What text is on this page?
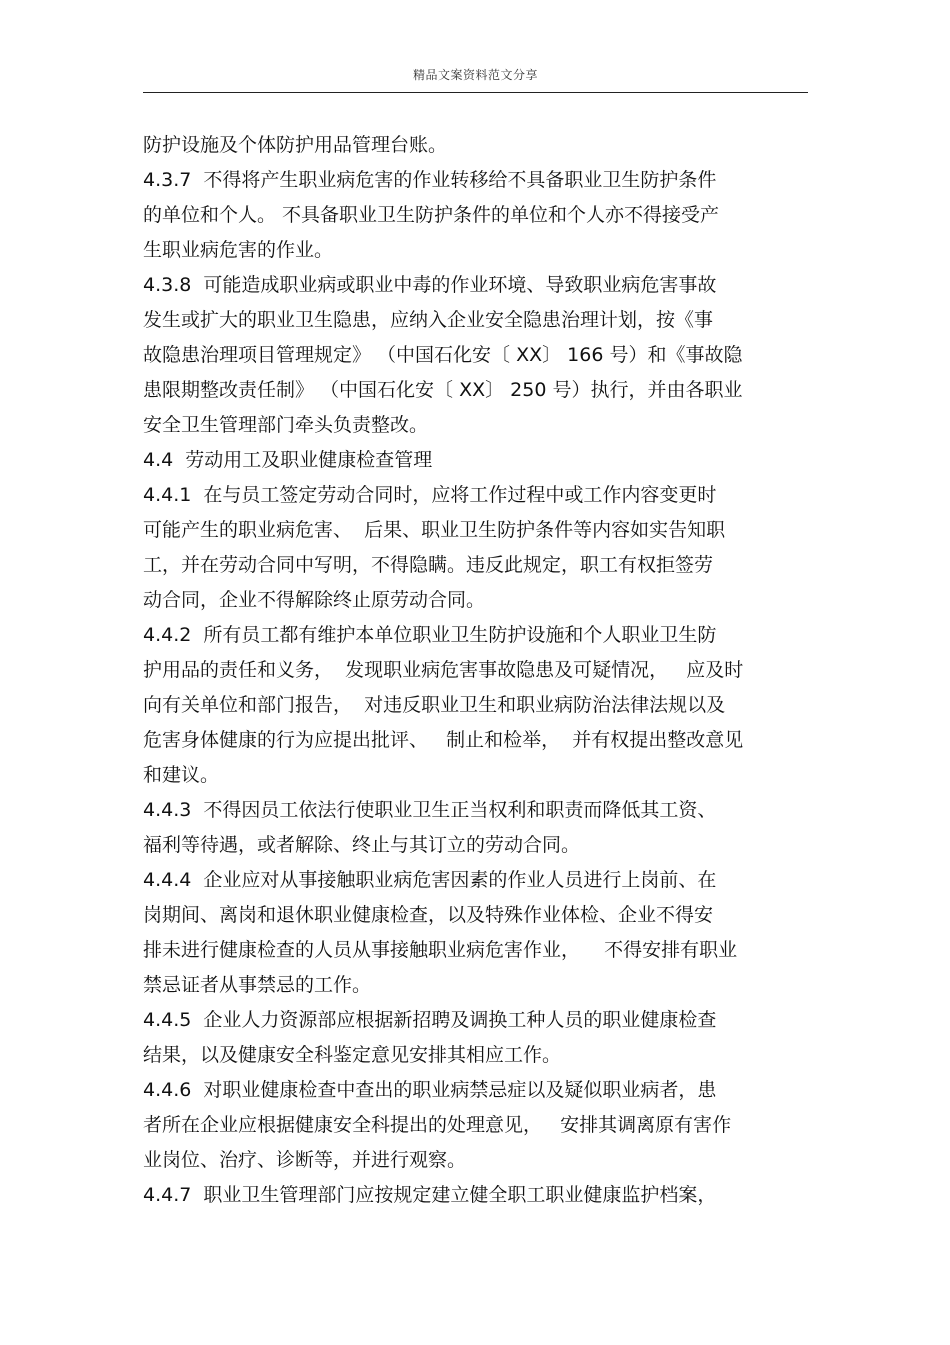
精品文案资料范文分享
防护设施及个体防护用品管理台账。
4.3.7  不得将产生职业病危害的作业转移给不具备职业卫生防护条件
的单位和个人。 不具备职业卫生防护条件的单位和个人亦不得接受产
生职业病危害的作业。
4.3.8  可能造成职业病或职业中毒的作业环境、导致职业病危害事故
发生或扩大的职业卫生隐患，应纳入企业安全隐患治理计划，按《事
故隐患治理项目管理规定》 （中国石化安〔 XX〕 166 号）和《事故隐
患限期整改责任制》 （中国石化安〔 XX〕 250 号）执行，并由各职业
安全卫生管理部门牵头负责整改。
4.4  劳动用工及职业健康检查管理
4.4.1  在与员工签定劳动合同时，应将工作过程中或工作内容变更时
可能产生的职业病危害、  后果、职业卫生防护条件等内容如实告知职
工，并在劳动合同中写明，不得隐瞒。违反此规定，职工有权拒签劳
动合同，企业不得解除终止原劳动合同。
4.4.2  所有员工都有维护本单位职业卫生防护设施和个人职业卫生防
护用品的责任和义务，  发现职业病危害事故隐患及可疑情况，   应及时
向有关单位和部门报告，  对违反职业卫生和职业病防治法律法规以及
危害身体健康的行为应提出批评、   制止和检举，  并有权提出整改意见
和建议。
4.4.3  不得因员工依法行使职业卫生正当权利和职责而降低其工资、
福利等待遇，或者解除、终止与其订立的劳动合同。
4.4.4  企业应对从事接触职业病危害因素的作业人员进行上岗前、在
岗期间、离岗和退休职业健康检查，以及特殊作业体检、企业不得安
排未进行健康检查的人员从事接触职业病危害作业，    不得安排有职业
禁忌证者从事禁忌的工作。
4.4.5  企业人力资源部应根据新招聘及调换工种人员的职业健康检查
结果，以及健康安全科鉴定意见安排其相应工作。
4.4.6  对职业健康检查中查出的职业病禁忌症以及疑似职业病者，患
者所在企业应根据健康安全科提出的处理意见，   安排其调离原有害作
业岗位、治疗、诊断等，并进行观察。
4.4.7  职业卫生管理部门应按规定建立健全职工职业健康监护档案，
